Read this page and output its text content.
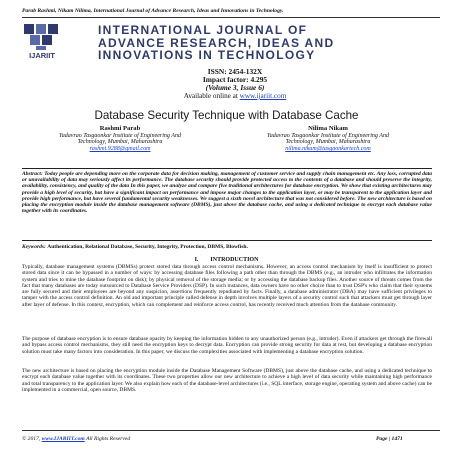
Parab Rashmi, Nikam Nilima, International Journal of Advance Research, Ideas and Innovations in Technology.
IJARIIT
INTERNATIONAL JOURNAL OF
ADVANCE RESEARCH, IDEAS AND
INNOVATIONS IN TECHNOLOGY
ISSN: 2454-132X
Impact factor: 4.295
(Volume 3, Issue 6)
Available online at www.ijariit.com
Database Security Technique with Database Cache
Rashmi Parab
Yadavrao Tasgaonkar Institute of Engineering And
Technology, Mumbai, Maharashtra
rashmi.9288@gmail.com
Nilima Nikam
Yadavrao Tasgaonkar Institute of Engineering And
Technology, Mumbai, Maharashtra
nilima.nikam@tasgaonkartech.com
Abstract: Today people are depending more on the corporate data for decision making, management of customer service and supply chain management etc. Any loss, corrupted data or unavailability of data may seriously affect its performance. The database security should provide protected access to the contents of a database and should preserve the integrity, availability, consistency, and quality of the data In this paper, we analyze and compare five traditional architectures for database encryption. We show that existing architectures may provide a high level of security, but have a significant impact on performance and impose major changes to the application layer, or may be transparent to the application layer and provide high performance, but have several fundamental security weaknesses. We suggest a sixth novel architecture that was not considered before. The new architecture is based on placing the encryption module inside the database management software (DBMS), just above the database cache, and using a dedicated technique to encrypt each database value together with its coordinates.
Keywords: Authentication, Relational Database, Security, Integrity, Protection, DBMS, Blowfish.
I.        INTRODUCTION
Typically, database management systems (DBMSs) protect stored data through access control mechanisms. However, an access control mechanism by itself is insufficient to protect stored data since it can be bypassed in a number of ways: by accessing database files following a path other than through the DBMS (e.g., an intruder who infiltrates the information system and tries to mine the database footprint on disk); by physical removal of the storage media; or by accessing the database backup files. Another source of threats comes from the fact that many databases are today outsourced to Database Service Providers (DSP). In such instances, data owners have no other choice than to trust DSP's who claim that their systems are fully secured and their employees are beyond any suspicion, assertions frequently repudiated by facts. Finally, a database administrator (DBA) may have sufficient privileges to tamper with the access control definition. An old and important principle called defense in depth involves multiple layers of a security control such that attackers must get through layer after layer of defense. In this context, encryption, which can complement and reinforce access control, has recently received much attention from the database community.
The purpose of database encryption is to ensure database opacity by keeping the information hidden to any unauthorized person (e.g., intruder). Even if attackers get through the firewall and bypass access control mechanisms, they still need the encryption keys to decrypt data. Encryption can provide strong security for data at rest, but developing a database encryption solution must take many factors into consideration. In this paper, we discuss the complexities associated with implementing a database encryption solution.
The new architecture is based on placing the encryption module inside the Database Management Software (DBMS), just above the database cache, and using a dedicated technique to encrypt each database value together with its coordinates. These two properties allow our new architecture to achieve a high level of data security while maintaining high performance and total transparency to the application layer. We also explain how each of the database-level architectures (i.e., SQL interface, storage engine, operating system and above cache) can be implemented in a commercial, open source, DBMS.
© 2017, www.IJARIIT.com All Rights Reserved	Page | 1471
